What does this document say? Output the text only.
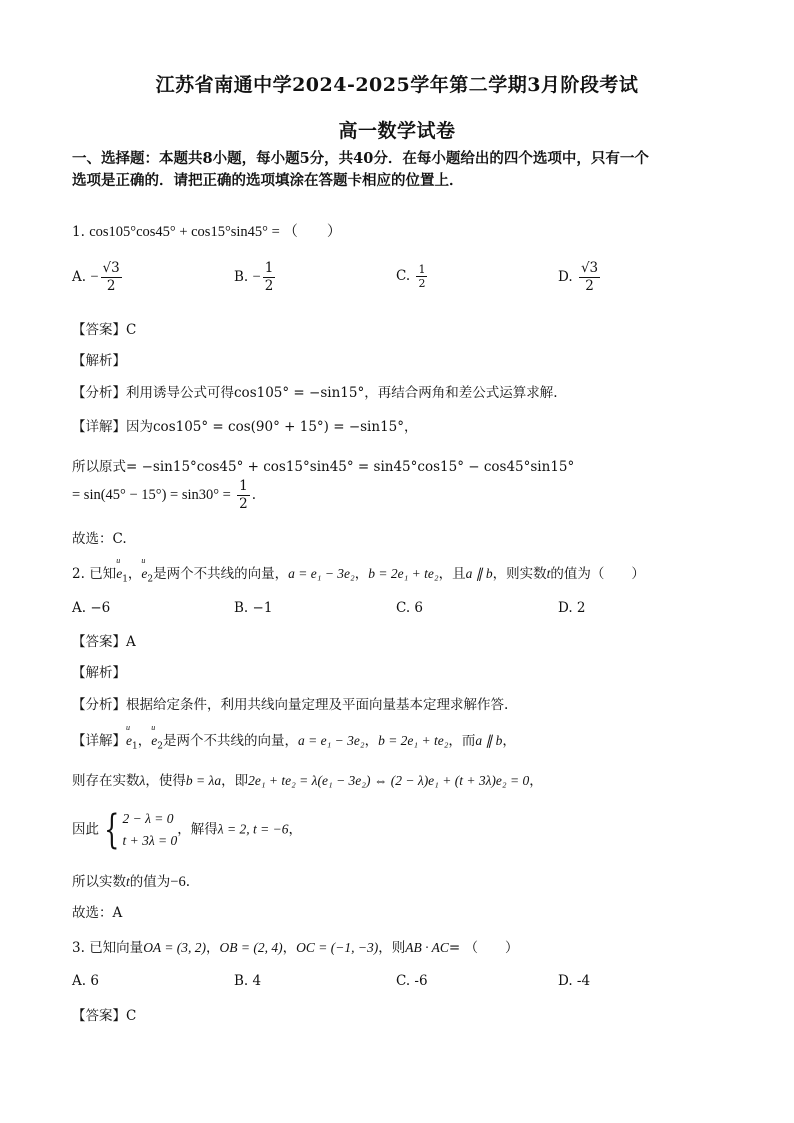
江苏省南通中学2024-2025学年第二学期3月阶段考试
高一数学试卷
一、选择题：本题共8小题，每小题5分，共40分．在每小题给出的四个选项中，只有一个
选项是正确的．请把正确的选项填涂在答题卡相应的位置上．
1. cos105°cos45° + cos15°sin45° = （　　）
A. − $\frac{√3}{2}$	B. − $\frac{1}{2}$	C. $\frac{1}{2}$	D. $\frac{√3}{2}$
【答案】C
【解析】
【分析】利用诱导公式可得cos105° = −sin15°，再结合两角和差公式运算求解.
【详解】因为cos105° = cos(90° + 15°) = −sin15°，
所以原式= −sin15°cos45° + cos15°sin45° = sin45°cos15° − cos45°sin15°
= $\sin(45^\circ - 15^\circ) = \sin 30^\circ = \frac{1}{2}$ .
故选：C.
2. 已知u $e_1$，u $e_2$是两个不共线的向量，a = e₁ − 3e₂，b = 2e₁ + te₂，且a ∥ b，则实数t的值为（　　）
A. −6	B. −1	C. 6	D. 2
【答案】A
【解析】
【分析】根据给定条件，利用共线向量定理及平面向量基本定理求解作答.
【详解】u $e_1$，u $e_2$是两个不共线的向量，a = e₁ − 3e₂，b = 2e₁ + te₂，而a ∥ b，
则存在实数λ，使得b = λa，即2e₁ + te₂ = λ(e₁ − 3e₂) ⇔ (2 − λ)e₁ + (t + 3λ)e₂ = 0，
因此 { 2 − λ = 0
t + 3λ = 0
，解得λ = 2, t = −6，
所以实数t的值为−6.
故选：A
3. 已知向量OA = (3, 2)，OB = (2, 4)，OC = (−1, −3)，则AB · AC= （　　）
A. 6	B. 4	C. -6	D. -4
【答案】C
